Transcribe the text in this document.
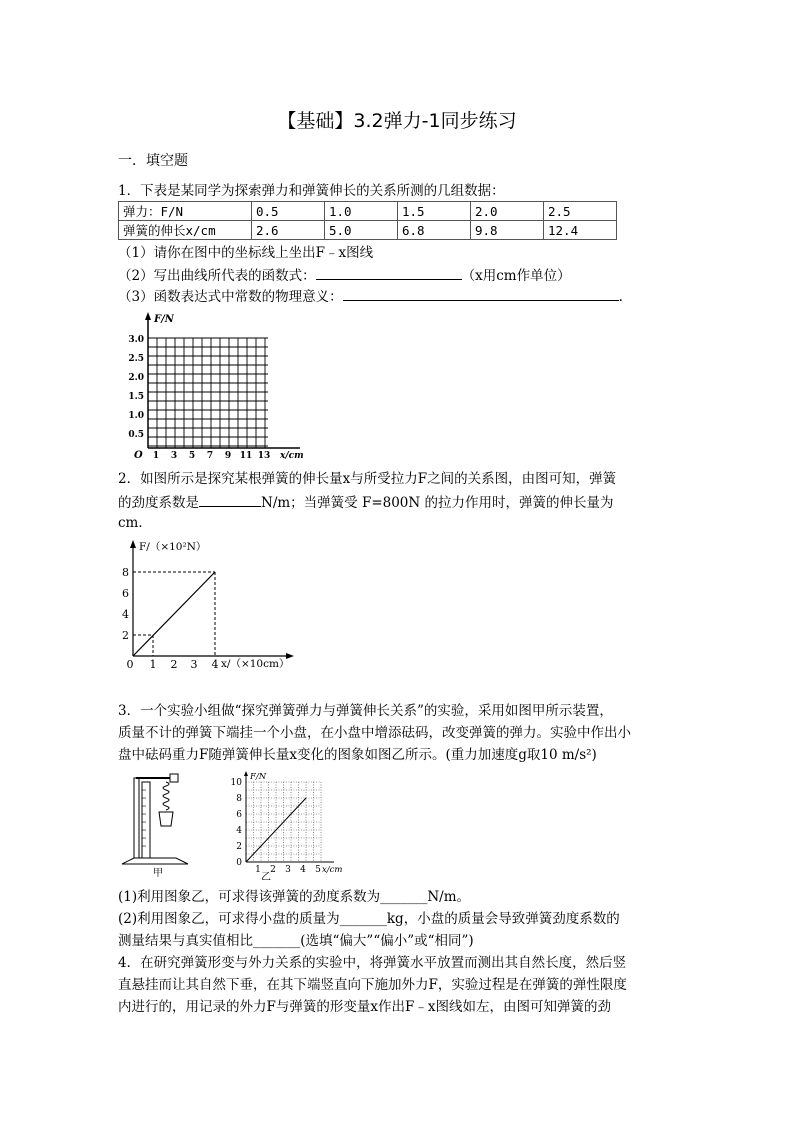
【基础】3.2弹力-1同步练习
一．填空题
1．下表是某同学为探索弹力和弹簧伸长的关系所测的几组数据：
弹力：F/N	0.5	1.0	1.5	2.0	2.5
弹簧的伸长x/cm	2.6	5.0	6.8	9.8	12.4
（1）请你在图中的坐标线上坐出F﹣x图线
（2）写出曲线所代表的函数式：	（x用cm作单位）
（3）函数表达式中常数的物理意义：	.
F/N
x/cm
O
3.0
2.5
2.0
1.5
1.0
0.5
1 3 5 7 9 11 13
2．如图所示是探究某根弹簧的伸长量x与所受拉力F之间的关系图，由图可知，弹簧
的劲度系数是	N/m；当弹簧受 F=800N 的拉力作用时，弹簧的伸长量为
cm．
F/（×10²N）
x/（×10cm）
2
4
6
8
0 1 2 3 4
3．一个实验小组做“探究弹簧弹力与弹簧伸长关系”的实验，采用如图甲所示装置，
质量不计的弹簧下端挂一个小盘，在小盘中增添砝码，改变弹簧的弹力。实验中作出小
盘中砝码重力F随弹簧伸长量x变化的图象如图乙所示。(重力加速度g取10 m/s²)
甲
F/N
x/cm
0
2
4
6
8
10
1 2 3 4 5
乙
(1)利用图象乙，可求得该弹簧的劲度系数为_______N/m。
(2)利用图象乙，可求得小盘的质量为_______kg，小盘的质量会导致弹簧劲度系数的
测量结果与真实值相比_______(选填“偏大”“偏小”或“相同”)
4．在研究弹簧形变与外力关系的实验中，将弹簧水平放置而测出其自然长度，然后竖
直悬挂而让其自然下垂，在其下端竖直向下施加外力F，实验过程是在弹簧的弹性限度
内进行的，用记录的外力F与弹簧的形变量x作出F﹣x图线如左，由图可知弹簧的劲
